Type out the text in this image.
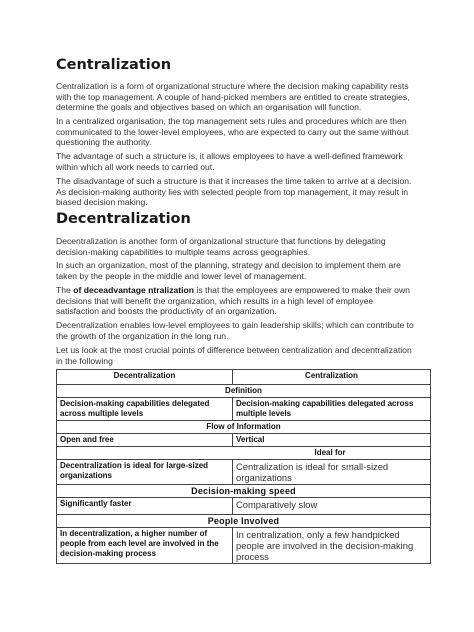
Centralization

Centralization is a form of organizational structure where the decision making capability rests with the top management. A couple of hand-picked members are entitled to create strategies, determine the goals and objectives based on which an organisation will function.

In a centralized organisation, the top management sets rules and procedures which are then communicated to the lower-level employees, who are expected to carry out the same without questioning the authority.

The advantage of such a structure is, it allows employees to have a well-defined framework within which all work needs to carried out.

The disadvantage of such a structure is that it increases the time taken to arrive at a decision. As decision-making authority lies with selected people from top management, it may result in biased decision making.

Decentralization

Decentralization is another form of organizational structure that functions by delegating decision-making capabilities to multiple teams across geographies.

In such an organization, most of the planning, strategy and decision to implement them are taken by the people in the middle and lower level of management.

The of deceadvantage ntralization is that the employees are empowered to make their own decisions that will benefit the organization, which results in a high level of employee satisfaction and boosts the productivity of an organization.

Decentralization enables low-level employees to gain leadership skills; which can contribute to the growth of the organization in the long run.

Let us look at the most crucial points of difference between centralization and decentralization in the following

Decentralization	Centralization
Definition	
Decision-making capabilities delegated across multiple levels	Decision-making capabilities delegated across multiple levels
Flow of Information	
Open and free	Vertical
	Ideal for
Decentralization is ideal for large-sized organizations	Centralization is ideal for small-sized organizations
Decision-making speed	
Significantly faster	Comparatively slow
People Involved	
In decentralization, a higher number of people from each level are involved in the decision-making process	In centralization, only a few handpicked people are involved in the decision-making process
